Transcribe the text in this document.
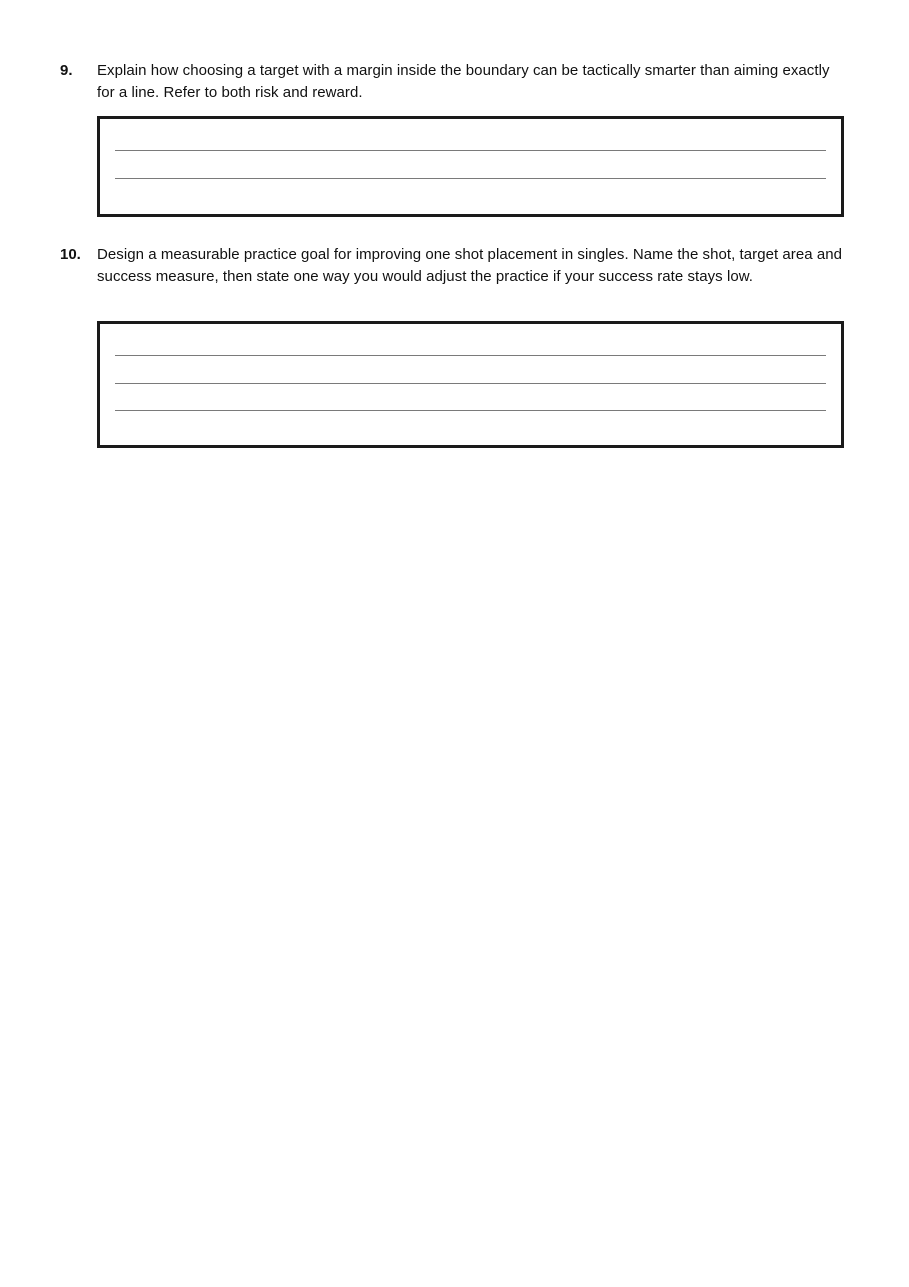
9.	Explain how choosing a target with a margin inside the boundary can be tactically smarter than aiming exactly for a line. Refer to both risk and reward.
10.	Design a measurable practice goal for improving one shot placement in singles. Name the shot, target area and success measure, then state one way you would adjust the practice if your success rate stays low.
